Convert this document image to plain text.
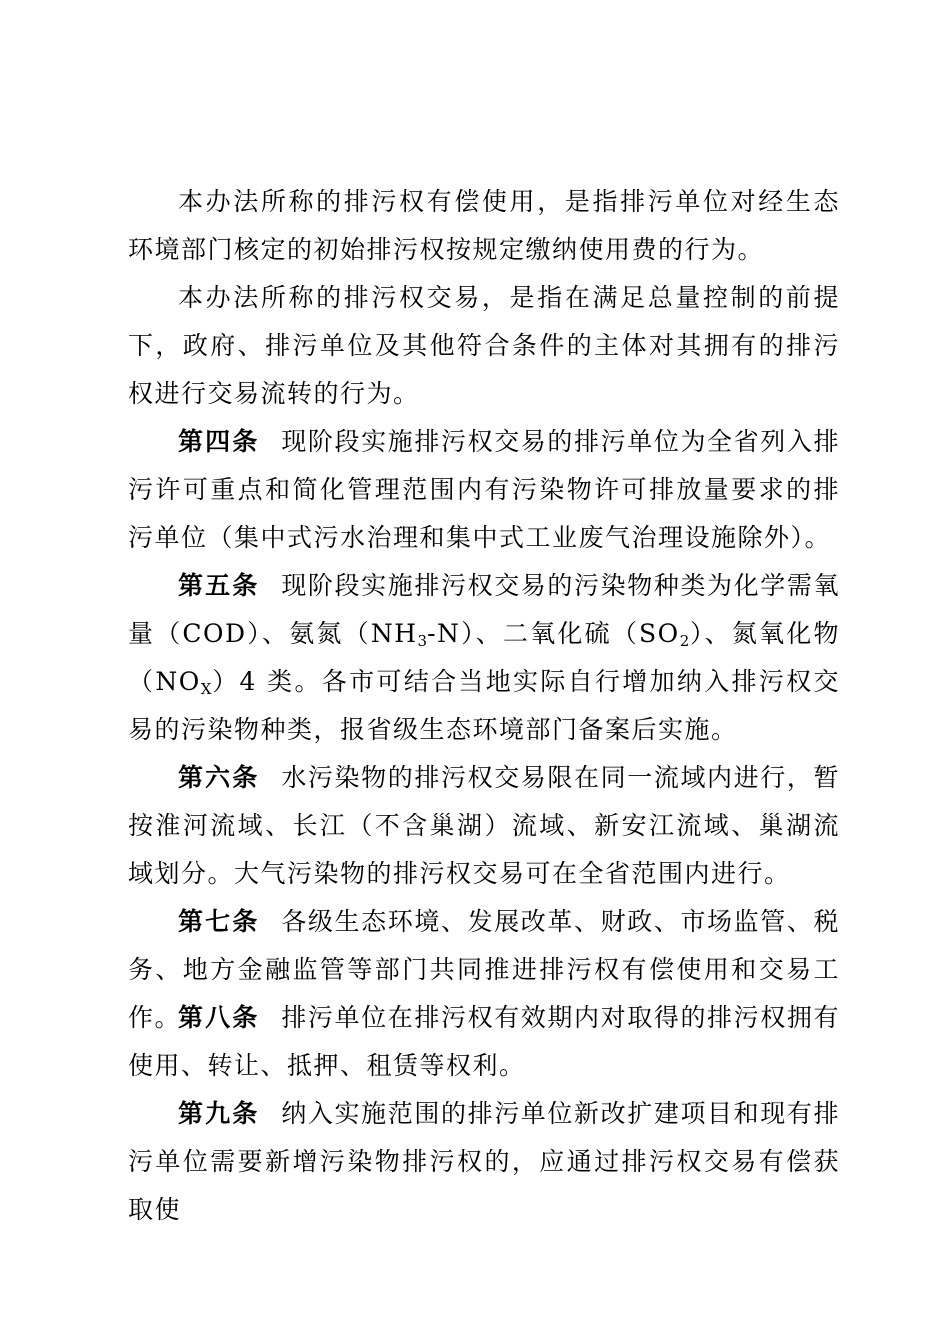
本办法所称的排污权有偿使用，是指排污单位对经生态环境部门核定的初始排污权按规定缴纳使用费的行为。

本办法所称的排污权交易，是指在满足总量控制的前提下，政府、排污单位及其他符合条件的主体对其拥有的排污权进行交易流转的行为。

第四条 现阶段实施排污权交易的排污单位为全省列入排污许可重点和简化管理范围内有污染物许可排放量要求的排污单位（集中式污水治理和集中式工业废气治理设施除外）。

第五条 现阶段实施排污权交易的污染物种类为化学需氧量（COD）、氨氮$(NH_3-N)$、二氧化硫$(SO_2)$、氮氧化物$(NO_X)4$ 类。各市可结合当地实际自行增加纳入排污权交易的污染物种类，报省级生态环境部门备案后实施。

第六条 水污染物的排污权交易限在同一流域内进行，暂按淮河流域、长江（不含巢湖）流域、新安江流域、巢湖流域划分。大气污染物的排污权交易可在全省范围内进行。

第七条 各级生态环境、发展改革、财政、市场监管、税务、地方金融监管等部门共同推进排污权有偿使用和交易工作。

第八条 排污单位在排污权有效期内对取得的排污权拥有使用、转让、抵押、租赁等权利。

第九条 纳入实施范围的排污单位新改扩建项目和现有排污单位需要新增污染物排污权的，应通过排污权交易有偿获取使
